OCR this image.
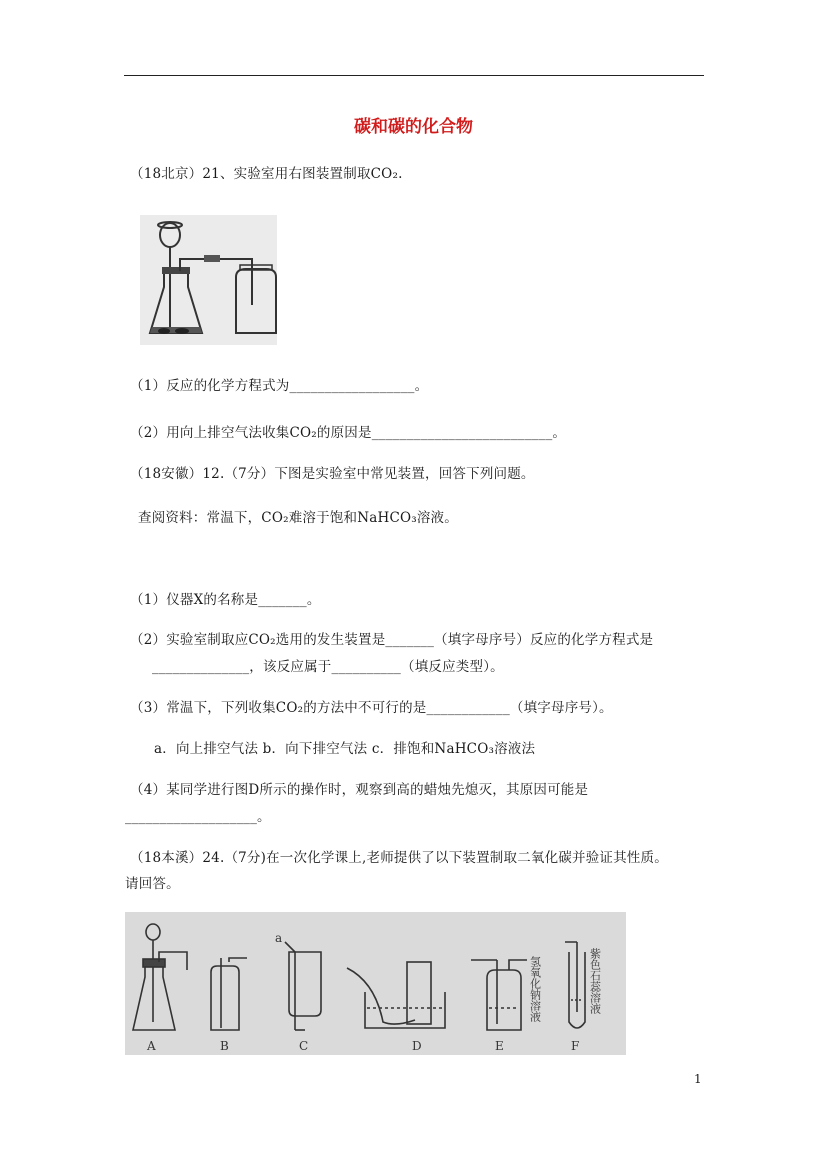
碳和碳的化合物
（18北京）21、实验室用右图装置制取CO₂.
（1）反应的化学方程式为__________________。
（2）用向上排空气法收集CO₂的原因是__________________________。
（18安徽）12.（7分）下图是实验室中常见装置，回答下列问题。
查阅资料：常温下，CO₂难溶于饱和NaHCO₃溶液。
（1）仪器X的名称是_______。
（2）实验室制取应CO₂选用的发生装置是_______（填字母序号）反应的化学方程式是
______________，该反应属于__________（填反应类型）。
（3）常温下，下列收集CO₂的方法中不可行的是____________（填字母序号）。
a．向上排空气法 b．向下排空气法 c．排饱和NaHCO₃溶液法
（4）某同学进行图D所示的操作时，观察到高的蜡烛先熄灭，其原因可能是
___________________。
（18本溪）24.（7分)在一次化学课上,老师提供了以下装置制取二氧化碳并验证其性质。
请回答。
A	B
a
C	D	E
氢氧化钠溶液
F
紫色石蕊溶液
1
